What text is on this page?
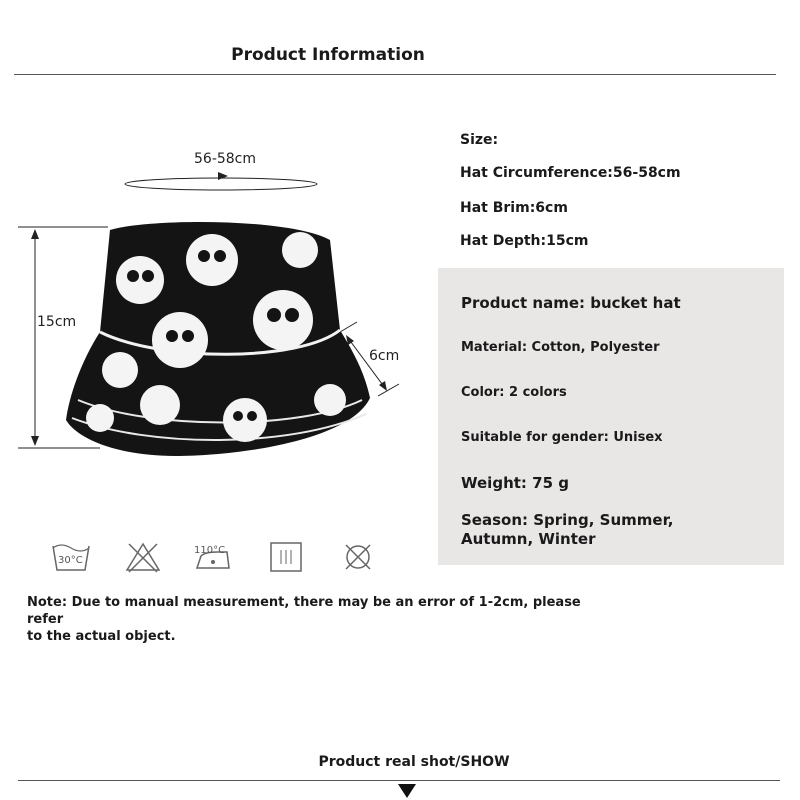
Product Information
Size:
Hat Circumference:56-58cm
Hat Brim:6cm
Hat Depth:15cm
56-58cm
15cm
6cm
Product name: bucket hat
Material: Cotton, Polyester
Color: 2 colors
Suitable for gender: Unisex
Weight: 75 g
Season: Spring, Summer,
Autumn, Winter
30°C
110°C
Note: Due to manual measurement, there may be an error of 1-2cm, please refer
to the actual object.
Product real shot/SHOW
